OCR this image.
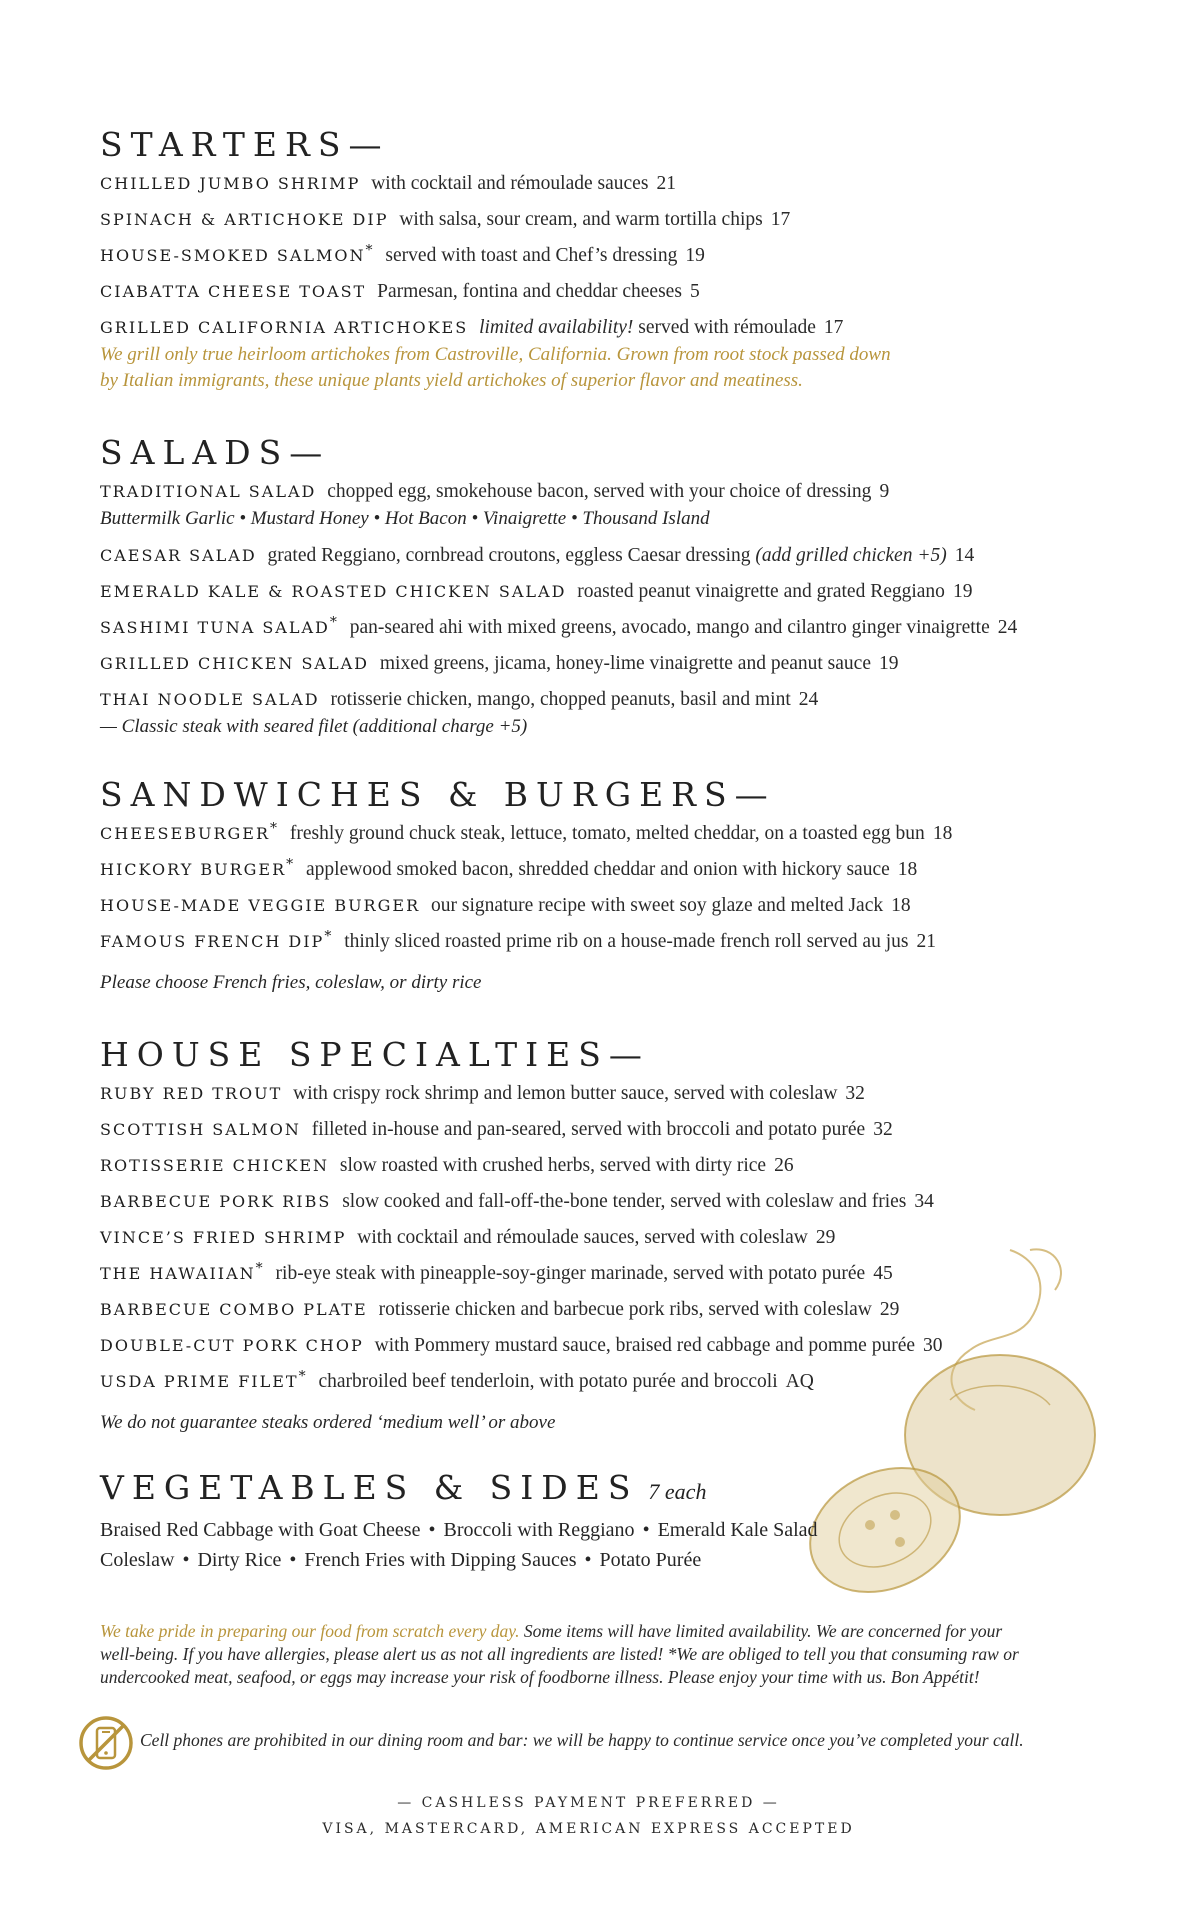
STARTERS—
CHILLED JUMBO SHRIMP with cocktail and rémoulade sauces 21
SPINACH & ARTICHOKE DIP with salsa, sour cream, and warm tortilla chips 17
HOUSE-SMOKED SALMON* served with toast and Chef’s dressing 19
CIABATTA CHEESE TOAST Parmesan, fontina and cheddar cheeses 5
GRILLED CALIFORNIA ARTICHOKES limited availability! served with rémoulade 17
We grill only true heirloom artichokes from Castroville, California. Grown from root stock passed down
by Italian immigrants, these unique plants yield artichokes of superior flavor and meatiness.
SALADS—
TRADITIONAL SALAD chopped egg, smokehouse bacon, served with your choice of dressing 9
Buttermilk Garlic • Mustard Honey • Hot Bacon • Vinaigrette • Thousand Island
CAESAR SALAD grated Reggiano, cornbread croutons, eggless Caesar dressing (add grilled chicken +5) 14
EMERALD KALE & ROASTED CHICKEN SALAD roasted peanut vinaigrette and grated Reggiano 19
SASHIMI TUNA SALAD* pan-seared ahi with mixed greens, avocado, mango and cilantro ginger vinaigrette 24
GRILLED CHICKEN SALAD mixed greens, jicama, honey-lime vinaigrette and peanut sauce 19
THAI NOODLE SALAD rotisserie chicken, mango, chopped peanuts, basil and mint 24
— Classic steak with seared filet (additional charge +5)
SANDWICHES & BURGERS—
CHEESEBURGER* freshly ground chuck steak, lettuce, tomato, melted cheddar, on a toasted egg bun 18
HICKORY BURGER* applewood smoked bacon, shredded cheddar and onion with hickory sauce 18
HOUSE-MADE VEGGIE BURGER our signature recipe with sweet soy glaze and melted Jack 18
FAMOUS FRENCH DIP* thinly sliced roasted prime rib on a house-made french roll served au jus 21
Please choose French fries, coleslaw, or dirty rice
HOUSE SPECIALTIES—
RUBY RED TROUT with crispy rock shrimp and lemon butter sauce, served with coleslaw 32
SCOTTISH SALMON filleted in-house and pan-seared, served with broccoli and potato purée 32
ROTISSERIE CHICKEN slow roasted with crushed herbs, served with dirty rice 26
BARBECUE PORK RIBS slow cooked and fall-off-the-bone tender, served with coleslaw and fries 34
VINCE’S FRIED SHRIMP with cocktail and rémoulade sauces, served with coleslaw 29
THE HAWAIIAN* rib-eye steak with pineapple-soy-ginger marinade, served with potato purée 45
BARBECUE COMBO PLATE rotisserie chicken and barbecue pork ribs, served with coleslaw 29
DOUBLE-CUT PORK CHOP with Pommery mustard sauce, braised red cabbage and pomme purée 30
USDA PRIME FILET* charbroiled beef tenderloin, with potato purée and broccoli AQ
We do not guarantee steaks ordered ‘medium well’ or above
VEGETABLES & SIDES 7 each
Braised Red Cabbage with Goat Cheese • Broccoli with Reggiano • Emerald Kale Salad
Coleslaw • Dirty Rice • French Fries with Dipping Sauces • Potato Purée
We take pride in preparing our food from scratch every day. Some items will have limited availability. We are concerned for your
well-being. If you have allergies, please alert us as not all ingredients are listed! *We are obliged to tell you that consuming raw or
undercooked meat, seafood, or eggs may increase your risk of foodborne illness. Please enjoy your time with us. Bon Appétit!
Cell phones are prohibited in our dining room and bar: we will be happy to continue service once you’ve completed your call.
— CASHLESS PAYMENT PREFERRED —
VISA, MASTERCARD, AMERICAN EXPRESS ACCEPTED
